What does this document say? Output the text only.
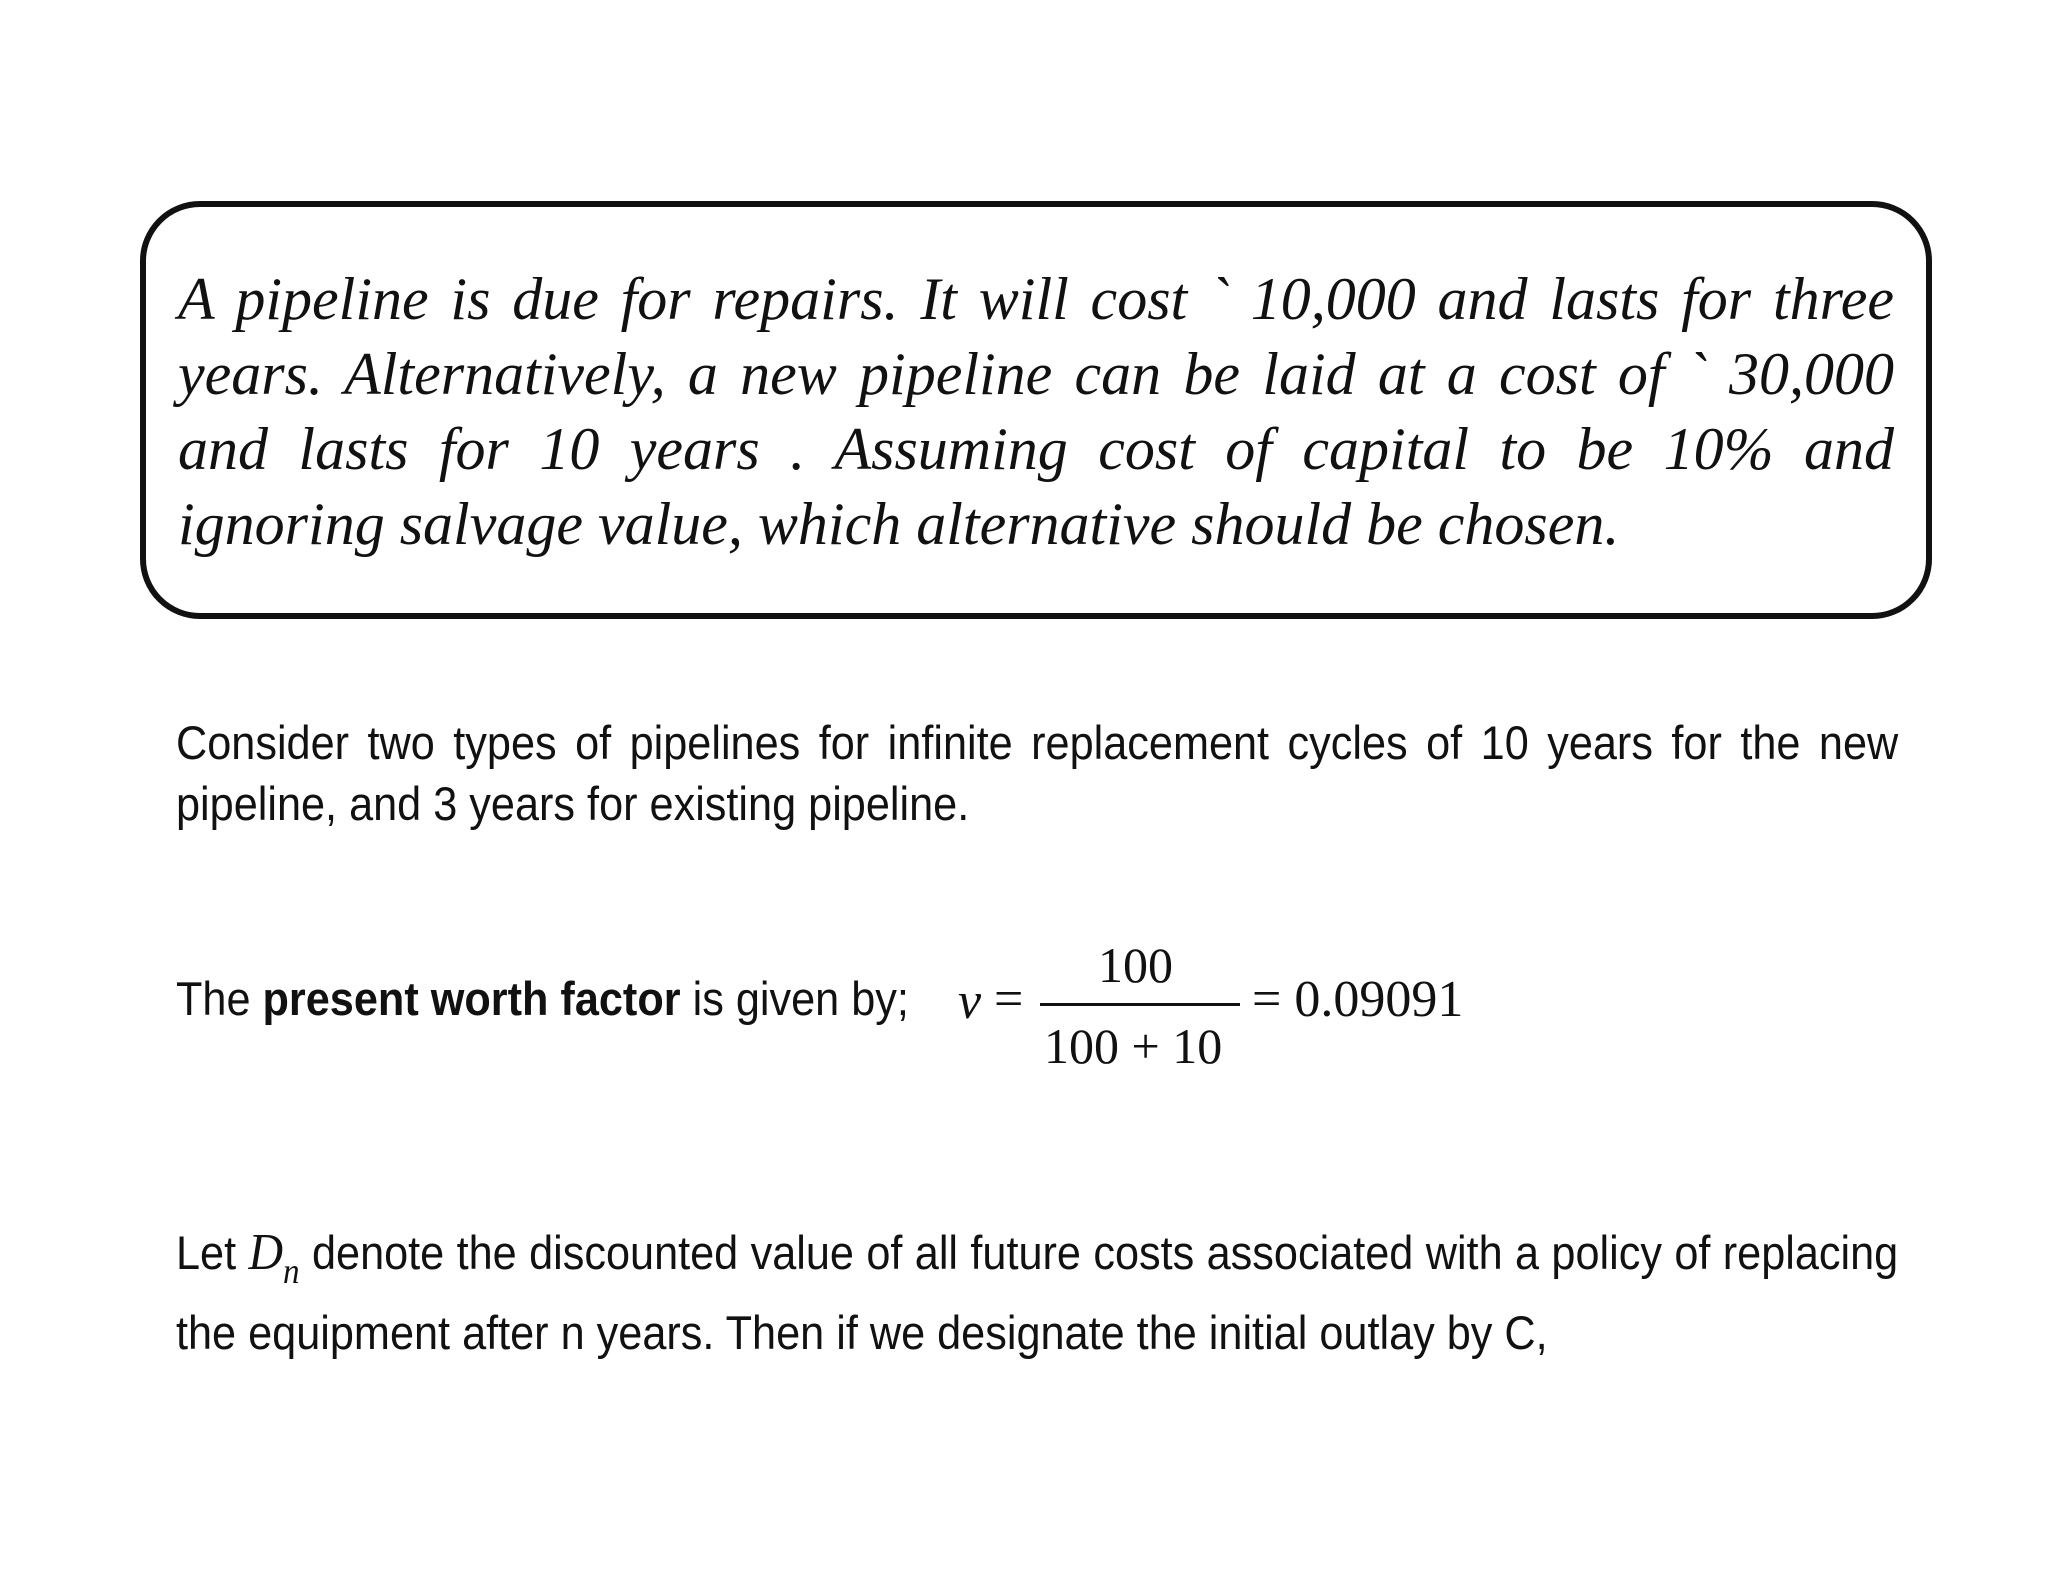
A pipeline is due for repairs. It will cost ` 10,000 and lasts for three years. Alternatively, a new pipeline can be laid at a cost of ` 30,000 and lasts for 10 years . Assuming cost of capital to be 10% and ignoring salvage value, which alternative should be chosen.

Consider two types of pipelines for infinite replacement cycles of 10 years for the new pipeline, and 3 years for existing pipeline.

The present worth factor is given by; v =
100
100 + 10
= 0.09091

Let $D_n$ denote the discounted value of all future costs associated with a policy of replacing the equipment after n years. Then if we designate the initial outlay by C,
